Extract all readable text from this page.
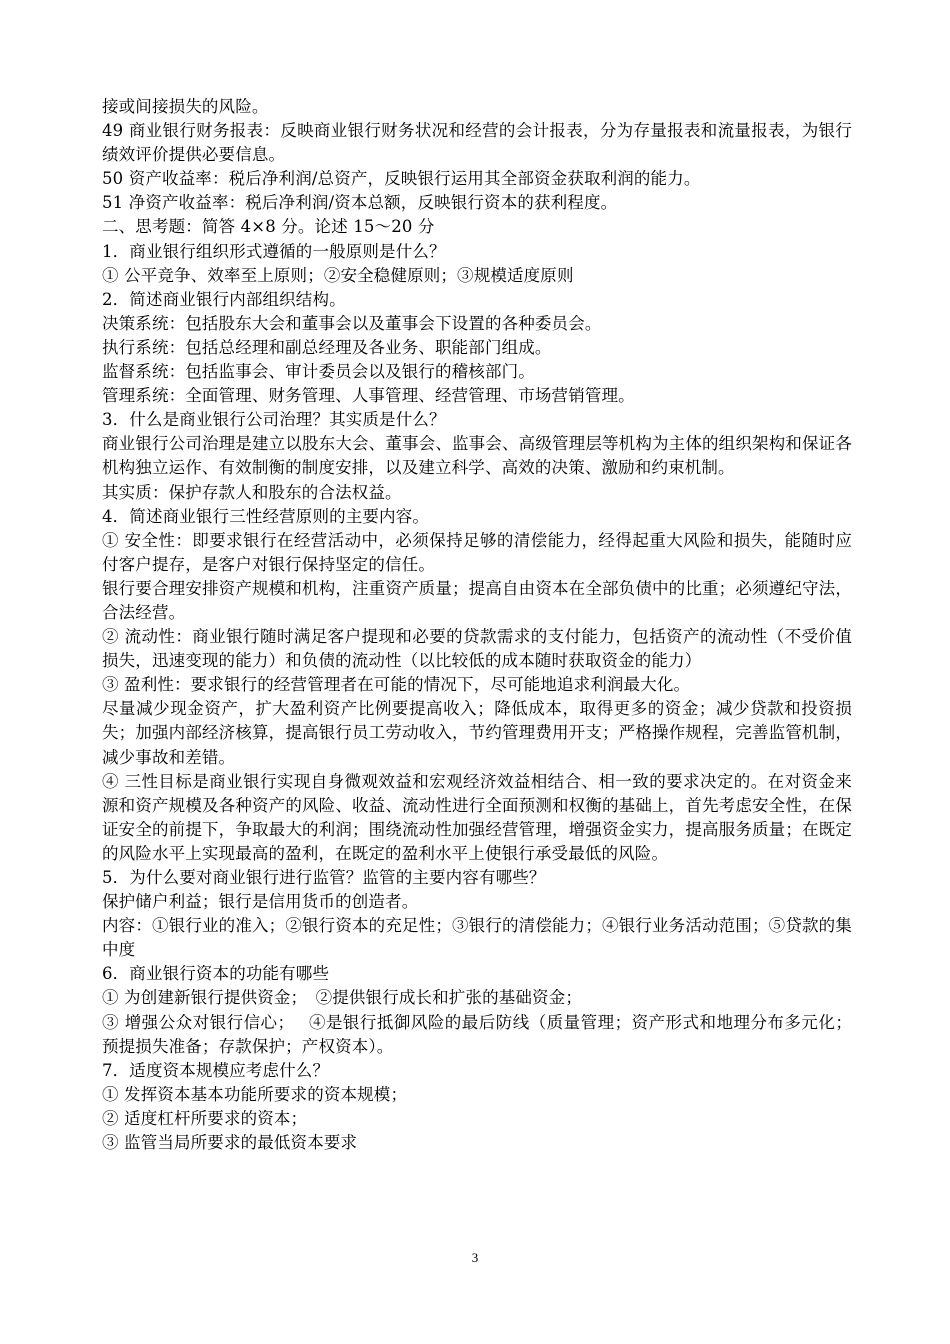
接或间接损失的风险。

49 商业银行财务报表：反映商业银行财务状况和经营的会计报表，分为存量报表和流量报表，为银行绩效评价提供必要信息。

50 资产收益率：税后净利润/总资产，反映银行运用其全部资金获取利润的能力。

51 净资产收益率：税后净利润/资本总额，反映银行资本的获利程度。

二、思考题：简答 4×8 分。论述 15～20 分

1．商业银行组织形式遵循的一般原则是什么？

① 公平竞争、效率至上原则；②安全稳健原则；③规模适度原则

2．简述商业银行内部组织结构。

决策系统：包括股东大会和董事会以及董事会下设置的各种委员会。

执行系统：包括总经理和副总经理及各业务、职能部门组成。

监督系统：包括监事会、审计委员会以及银行的稽核部门。

管理系统：全面管理、财务管理、人事管理、经营管理、市场营销管理。

3．什么是商业银行公司治理？其实质是什么？

商业银行公司治理是建立以股东大会、董事会、监事会、高级管理层等机构为主体的组织架构和保证各机构独立运作、有效制衡的制度安排，以及建立科学、高效的决策、激励和约束机制。

其实质：保护存款人和股东的合法权益。

4．简述商业银行三性经营原则的主要内容。

① 安全性：即要求银行在经营活动中，必须保持足够的清偿能力，经得起重大风险和损失，能随时应付客户提存，是客户对银行保持坚定的信任。

银行要合理安排资产规模和机构，注重资产质量；提高自由资本在全部负债中的比重；必须遵纪守法，合法经营。

② 流动性：商业银行随时满足客户提现和必要的贷款需求的支付能力，包括资产的流动性（不受价值损失，迅速变现的能力）和负债的流动性（以比较低的成本随时获取资金的能力）

③ 盈利性：要求银行的经营管理者在可能的情况下，尽可能地追求利润最大化。

尽量减少现金资产，扩大盈利资产比例要提高收入；降低成本，取得更多的资金；减少贷款和投资损失；加强内部经济核算，提高银行员工劳动收入，节约管理费用开支；严格操作规程，完善监管机制，减少事故和差错。

④ 三性目标是商业银行实现自身微观效益和宏观经济效益相结合、相一致的要求决定的。在对资金来源和资产规模及各种资产的风险、收益、流动性进行全面预测和权衡的基础上，首先考虑安全性，在保证安全的前提下，争取最大的利润；围绕流动性加强经营管理，增强资金实力，提高服务质量；在既定的风险水平上实现最高的盈利，在既定的盈利水平上使银行承受最低的风险。

5．为什么要对商业银行进行监管？监管的主要内容有哪些？

保护储户利益；银行是信用货币的创造者。

内容：①银行业的准入；②银行资本的充足性；③银行的清偿能力；④银行业务活动范围；⑤贷款的集中度

6．商业银行资本的功能有哪些

① 为创建新银行提供资金；　②提供银行成长和扩张的基础资金；

③ 增强公众对银行信心；　 ④是银行抵御风险的最后防线（质量管理；资产形式和地理分布多元化；预提损失准备；存款保护；产权资本）。

7．适度资本规模应考虑什么？

① 发挥资本基本功能所要求的资本规模；

② 适度杠杆所要求的资本；

③ 监管当局所要求的最低资本要求

3
